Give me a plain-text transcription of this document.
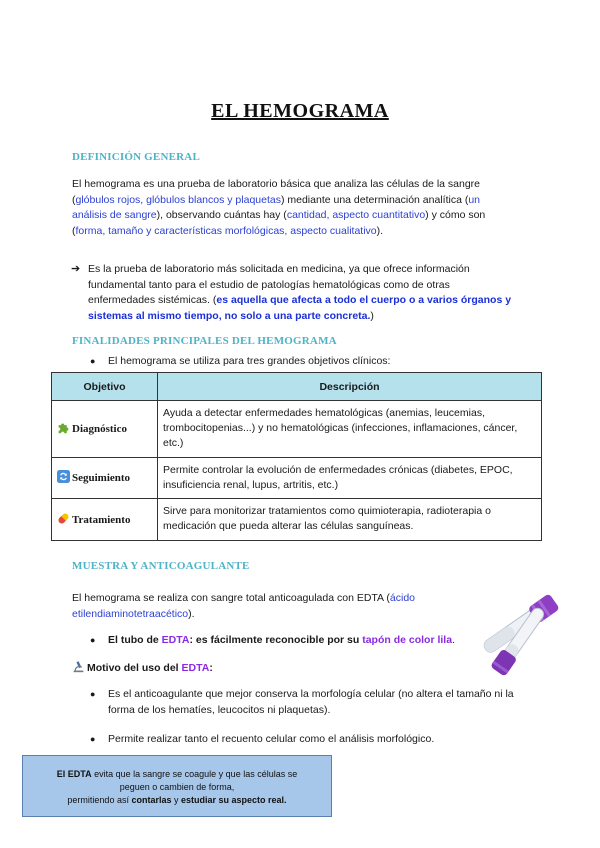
EL HEMOGRAMA
DEFINICIÓN GENERAL
El hemograma es una prueba de laboratorio básica que analiza las células de la sangre (glóbulos rojos, glóbulos blancos y plaquetas) mediante una determinación analítica (un análisis de sangre), observando cuántas hay (cantidad, aspecto cuantitativo) y cómo son (forma, tamaño y características morfológicas, aspecto cualitativo).
➔ Es la prueba de laboratorio más solicitada en medicina, ya que ofrece información fundamental tanto para el estudio de patologías hematológicas como de otras enfermedades sistémicas. (es aquella que afecta a todo el cuerpo o a varios órganos y sistemas al mismo tiempo, no solo a una parte concreta.)
FINALIDADES PRINCIPALES DEL HEMOGRAMA
● El hemograma se utiliza para tres grandes objetivos clínicos:
Objetivo	Descripción
Diagnóstico	Ayuda a detectar enfermedades hematológicas (anemias, leucemias, trombocitopenias...) y no hematológicas (infecciones, inflamaciones, cáncer, etc.)
Seguimiento	Permite controlar la evolución de enfermedades crónicas (diabetes, EPOC, insuficiencia renal, lupus, artritis, etc.)
Tratamiento	Sirve para monitorizar tratamientos como quimioterapia, radioterapia o medicación que pueda alterar las células sanguíneas.
MUESTRA Y ANTICOAGULANTE
El hemograma se realiza con sangre total anticoagulada con EDTA (ácido etilendiaminotetraacético).
● El tubo de EDTA: es fácilmente reconocible por su tapón de color lila.
Motivo del uso del EDTA:
● Es el anticoagulante que mejor conserva la morfología celular (no altera el tamaño ni la forma de los hematíes, leucocitos ni plaquetas).
● Permite realizar tanto el recuento celular como el análisis morfológico.
El EDTA evita que la sangre se coagule y que las células se
peguen o cambien de forma,
permitiendo así contarlas y estudiar su aspecto real.
